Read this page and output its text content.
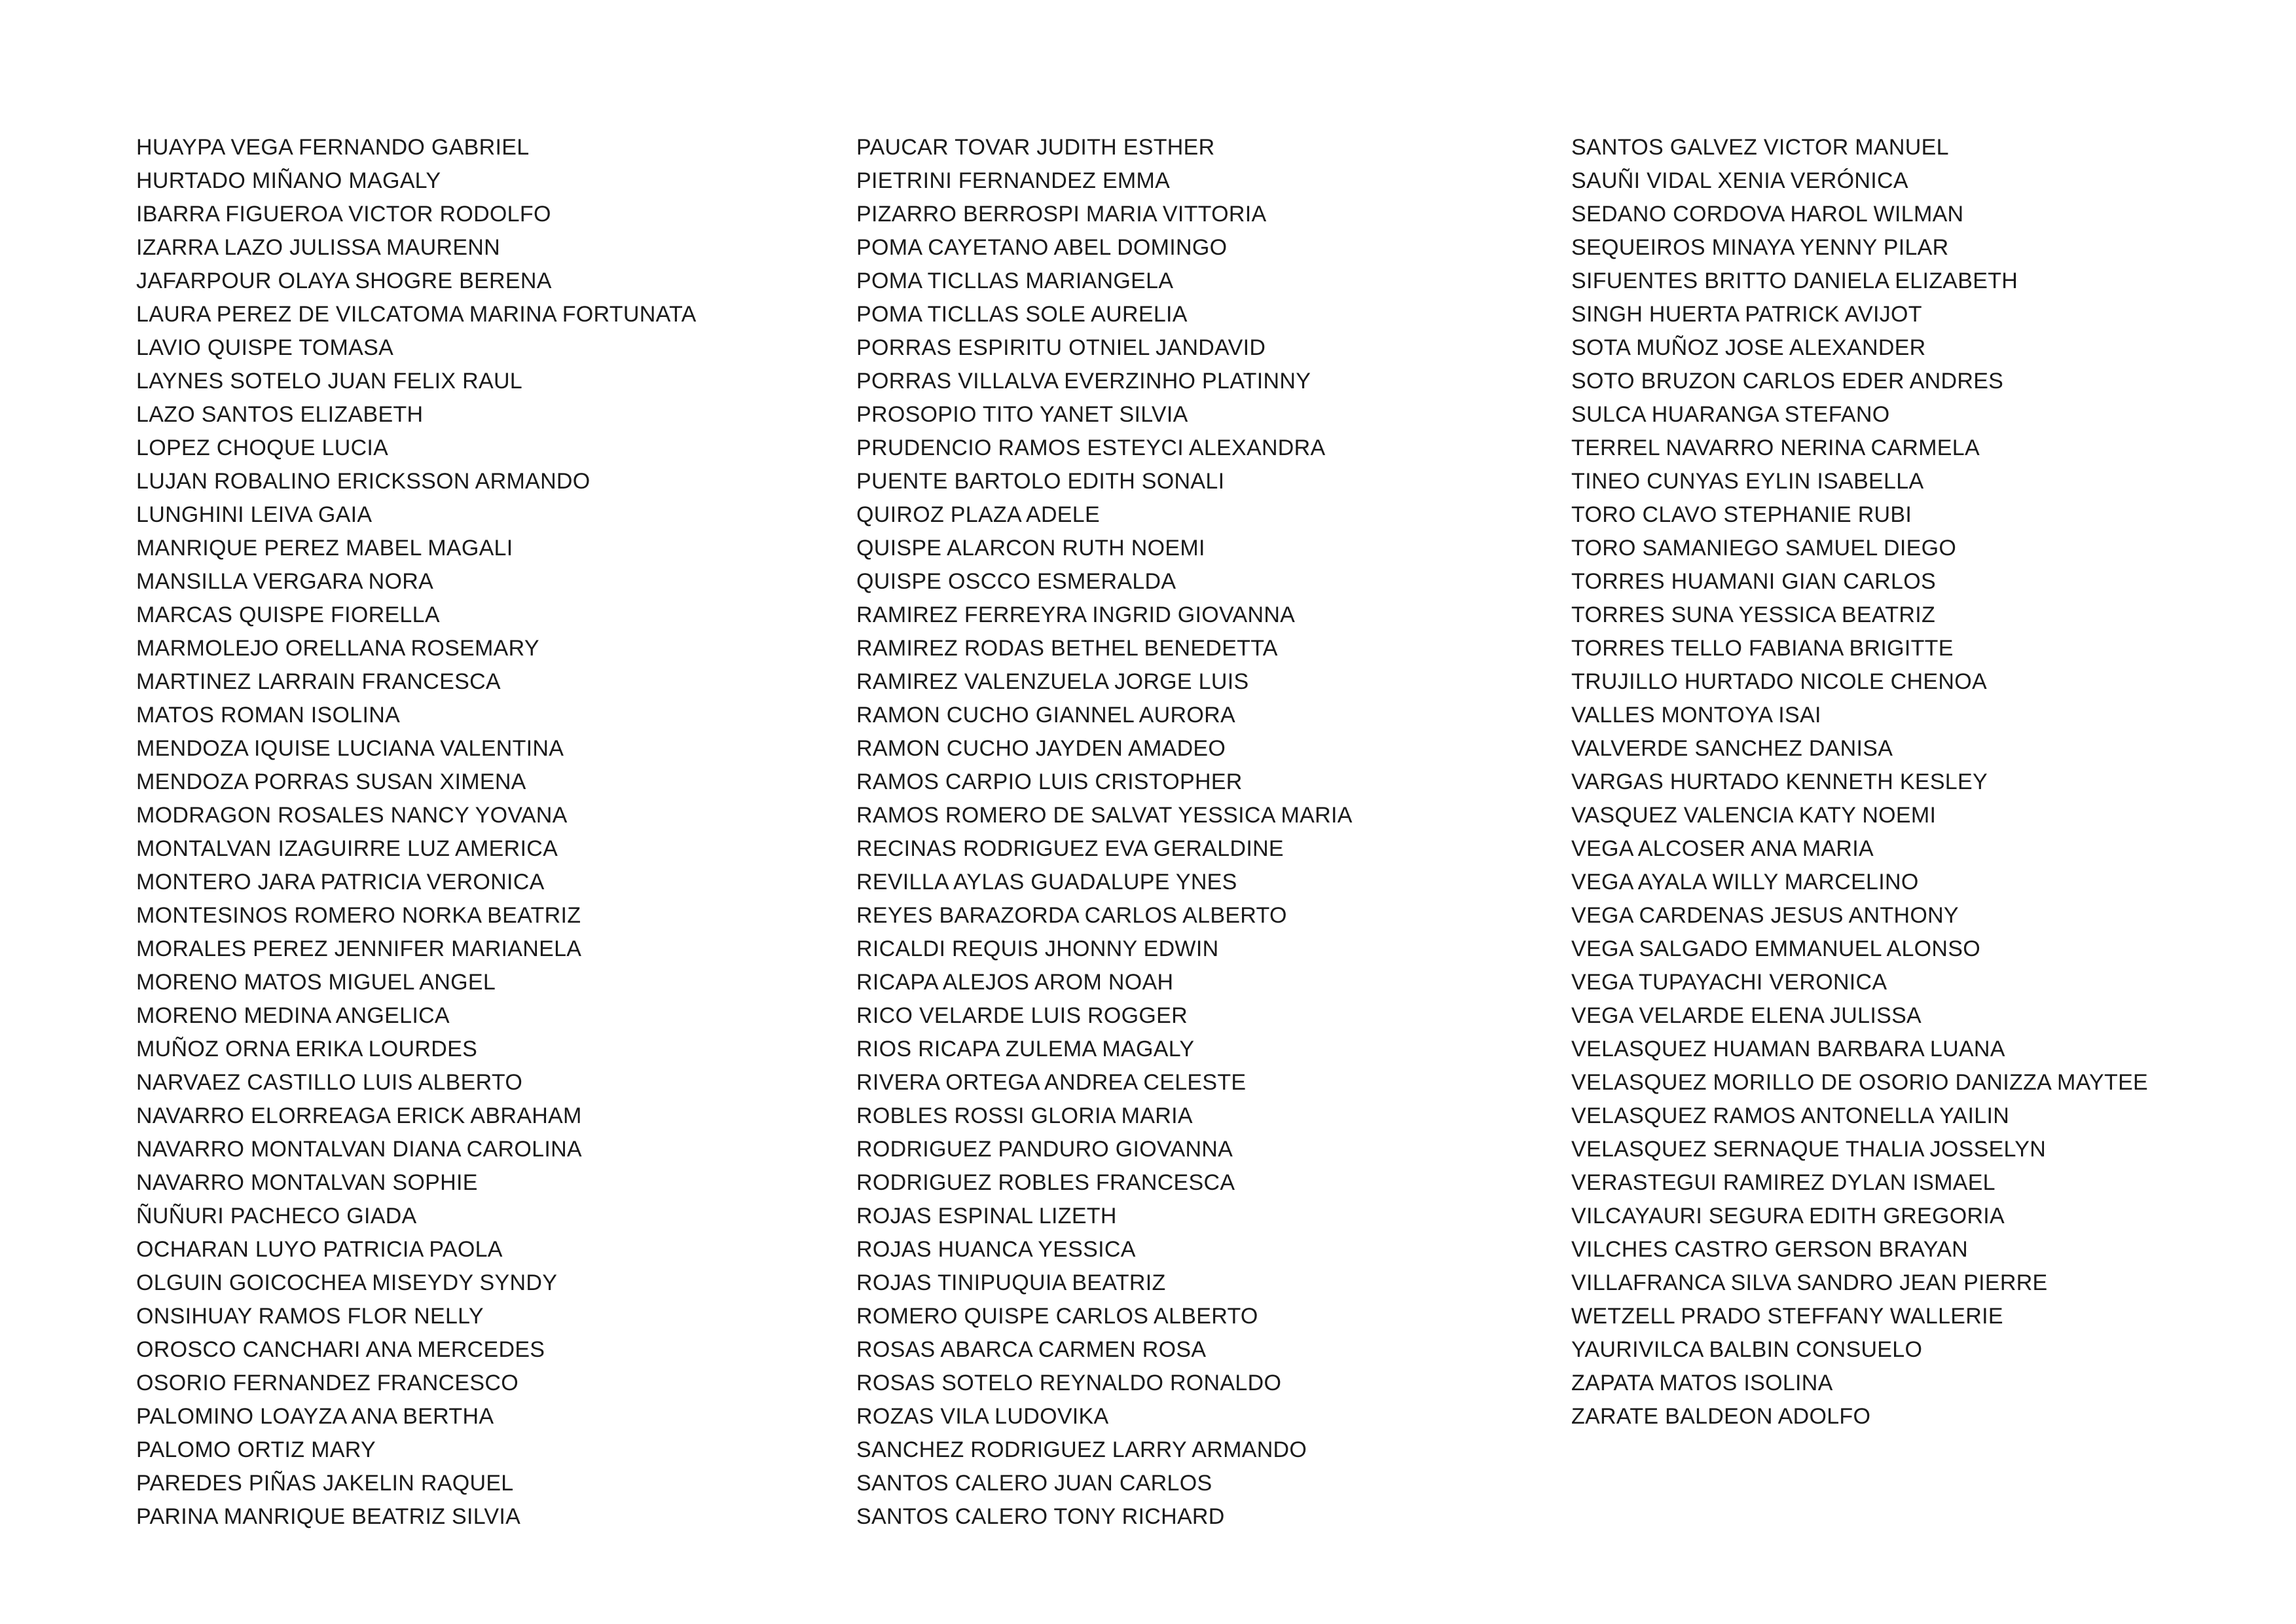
HUAYPA VEGA FERNANDO GABRIEL
HURTADO MIÑANO MAGALY
IBARRA FIGUEROA VICTOR RODOLFO
IZARRA LAZO JULISSA MAURENN
JAFARPOUR OLAYA SHOGRE BERENA
LAURA PEREZ DE VILCATOMA MARINA FORTUNATA
LAVIO QUISPE TOMASA
LAYNES SOTELO JUAN FELIX RAUL
LAZO SANTOS ELIZABETH
LOPEZ CHOQUE LUCIA
LUJAN ROBALINO ERICKSSON ARMANDO
LUNGHINI LEIVA GAIA
MANRIQUE PEREZ MABEL MAGALI
MANSILLA VERGARA NORA
MARCAS QUISPE FIORELLA
MARMOLEJO ORELLANA ROSEMARY
MARTINEZ LARRAIN FRANCESCA
MATOS ROMAN ISOLINA
MENDOZA IQUISE LUCIANA VALENTINA
MENDOZA PORRAS SUSAN XIMENA
MODRAGON ROSALES NANCY YOVANA
MONTALVAN IZAGUIRRE LUZ AMERICA
MONTERO JARA PATRICIA VERONICA
MONTESINOS ROMERO NORKA BEATRIZ
MORALES PEREZ JENNIFER MARIANELA
MORENO MATOS MIGUEL ANGEL
MORENO MEDINA ANGELICA
MUÑOZ ORNA ERIKA LOURDES
NARVAEZ CASTILLO LUIS ALBERTO
NAVARRO ELORREAGA ERICK ABRAHAM
NAVARRO MONTALVAN DIANA CAROLINA
NAVARRO MONTALVAN SOPHIE
ÑUÑURI PACHECO GIADA
OCHARAN LUYO PATRICIA PAOLA
OLGUIN GOICOCHEA MISEYDY SYNDY
ONSIHUAY RAMOS FLOR NELLY
OROSCO CANCHARI ANA MERCEDES
OSORIO FERNANDEZ FRANCESCO
PALOMINO LOAYZA ANA BERTHA
PALOMO ORTIZ MARY
PAREDES PIÑAS JAKELIN RAQUEL
PARINA MANRIQUE BEATRIZ SILVIA
PAUCAR TOVAR JUDITH ESTHER
PIETRINI FERNANDEZ EMMA
PIZARRO BERROSPI MARIA VITTORIA
POMA CAYETANO ABEL DOMINGO
POMA TICLLAS MARIANGELA
POMA TICLLAS SOLE AURELIA
PORRAS ESPIRITU OTNIEL JANDAVID
PORRAS VILLALVA EVERZINHO PLATINNY
PROSOPIO TITO YANET SILVIA
PRUDENCIO RAMOS ESTEYCI ALEXANDRA
PUENTE BARTOLO EDITH SONALI
QUIROZ PLAZA ADELE
QUISPE ALARCON RUTH NOEMI
QUISPE OSCCO ESMERALDA
RAMIREZ FERREYRA INGRID GIOVANNA
RAMIREZ RODAS BETHEL BENEDETTA
RAMIREZ VALENZUELA JORGE LUIS
RAMON CUCHO GIANNEL AURORA
RAMON CUCHO JAYDEN AMADEO
RAMOS CARPIO LUIS CRISTOPHER
RAMOS ROMERO DE SALVAT YESSICA MARIA
RECINAS RODRIGUEZ EVA GERALDINE
REVILLA AYLAS GUADALUPE YNES
REYES BARAZORDA CARLOS ALBERTO
RICALDI REQUIS JHONNY EDWIN
RICAPA ALEJOS AROM NOAH
RICO VELARDE LUIS ROGGER
RIOS RICAPA ZULEMA MAGALY
RIVERA ORTEGA ANDREA CELESTE
ROBLES ROSSI GLORIA MARIA
RODRIGUEZ PANDURO GIOVANNA
RODRIGUEZ ROBLES FRANCESCA
ROJAS ESPINAL LIZETH
ROJAS HUANCA YESSICA
ROJAS TINIPUQUIA BEATRIZ
ROMERO QUISPE CARLOS ALBERTO
ROSAS ABARCA CARMEN ROSA
ROSAS SOTELO REYNALDO RONALDO
ROZAS VILA LUDOVIKA
SANCHEZ RODRIGUEZ LARRY ARMANDO
SANTOS CALERO JUAN CARLOS
SANTOS CALERO TONY RICHARD
SANTOS GALVEZ VICTOR MANUEL
SAUÑI VIDAL XENIA VERÓNICA
SEDANO CORDOVA HAROL WILMAN
SEQUEIROS MINAYA YENNY PILAR
SIFUENTES BRITTO DANIELA ELIZABETH
SINGH HUERTA PATRICK AVIJOT
SOTA MUÑOZ JOSE ALEXANDER
SOTO BRUZON CARLOS EDER ANDRES
SULCA HUARANGA STEFANO
TERREL NAVARRO NERINA CARMELA
TINEO CUNYAS EYLIN ISABELLA
TORO CLAVO STEPHANIE RUBI
TORO SAMANIEGO SAMUEL DIEGO
TORRES HUAMANI GIAN CARLOS
TORRES SUNA YESSICA BEATRIZ
TORRES TELLO FABIANA BRIGITTE
TRUJILLO HURTADO NICOLE CHENOA
VALLES MONTOYA ISAI
VALVERDE SANCHEZ DANISA
VARGAS HURTADO KENNETH KESLEY
VASQUEZ VALENCIA KATY NOEMI
VEGA ALCOSER ANA MARIA
VEGA AYALA WILLY MARCELINO
VEGA CARDENAS JESUS ANTHONY
VEGA SALGADO EMMANUEL ALONSO
VEGA TUPAYACHI VERONICA
VEGA VELARDE ELENA JULISSA
VELASQUEZ HUAMAN BARBARA LUANA
VELASQUEZ MORILLO DE OSORIO DANIZZA MAYTEE
VELASQUEZ RAMOS ANTONELLA YAILIN
VELASQUEZ SERNAQUE THALIA JOSSELYN
VERASTEGUI RAMIREZ DYLAN ISMAEL
VILCAYAURI SEGURA EDITH GREGORIA
VILCHES CASTRO GERSON BRAYAN
VILLAFRANCA SILVA SANDRO JEAN PIERRE
WETZELL PRADO STEFFANY WALLERIE
YAURIVILCA BALBIN CONSUELO
ZAPATA MATOS ISOLINA
ZARATE BALDEON ADOLFO
